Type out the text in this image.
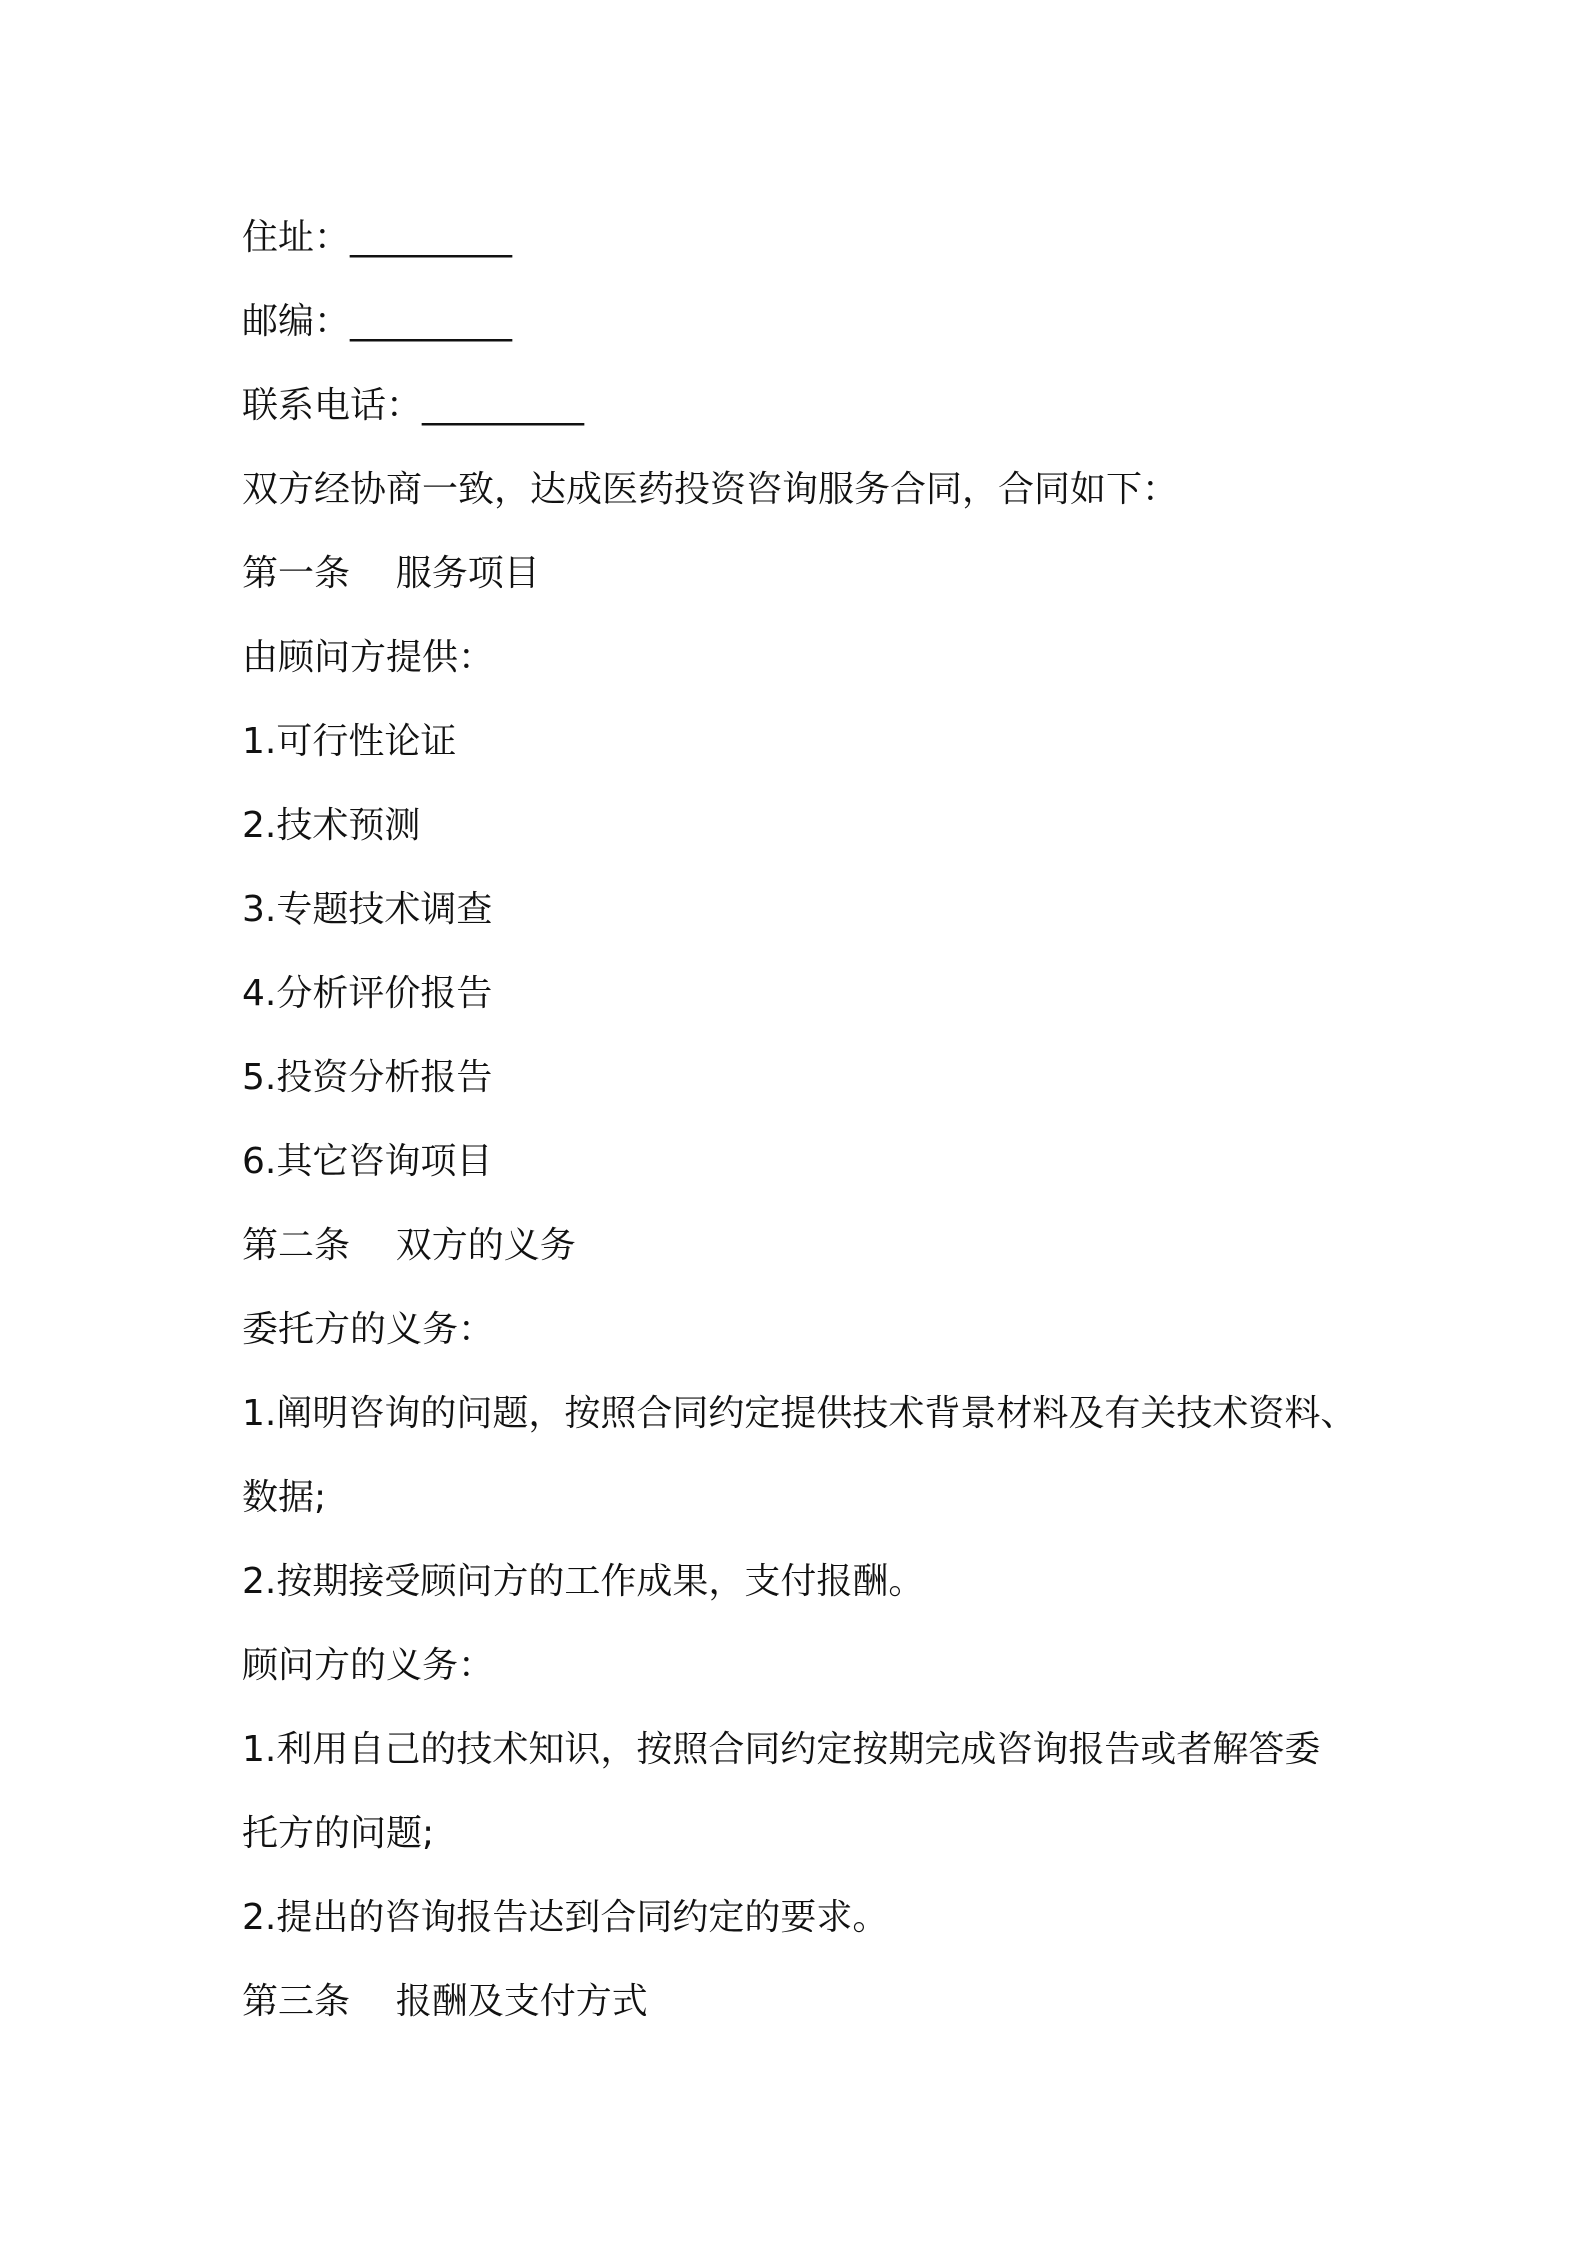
住址：_________
邮编：_________
联系电话：_________
双方经协商一致，达成医药投资咨询服务合同，合同如下：
第一条 服务项目
由顾问方提供：
1.可行性论证
2.技术预测
3.专题技术调查
4.分析评价报告
5.投资分析报告
6.其它咨询项目
第二条 双方的义务
委托方的义务：
1.阐明咨询的问题，按照合同约定提供技术背景材料及有关技术资料、
数据;
2.按期接受顾问方的工作成果，支付报酬。
顾问方的义务：
1.利用自己的技术知识，按照合同约定按期完成咨询报告或者解答委
托方的问题;
2.提出的咨询报告达到合同约定的要求。
第三条 报酬及支付方式
